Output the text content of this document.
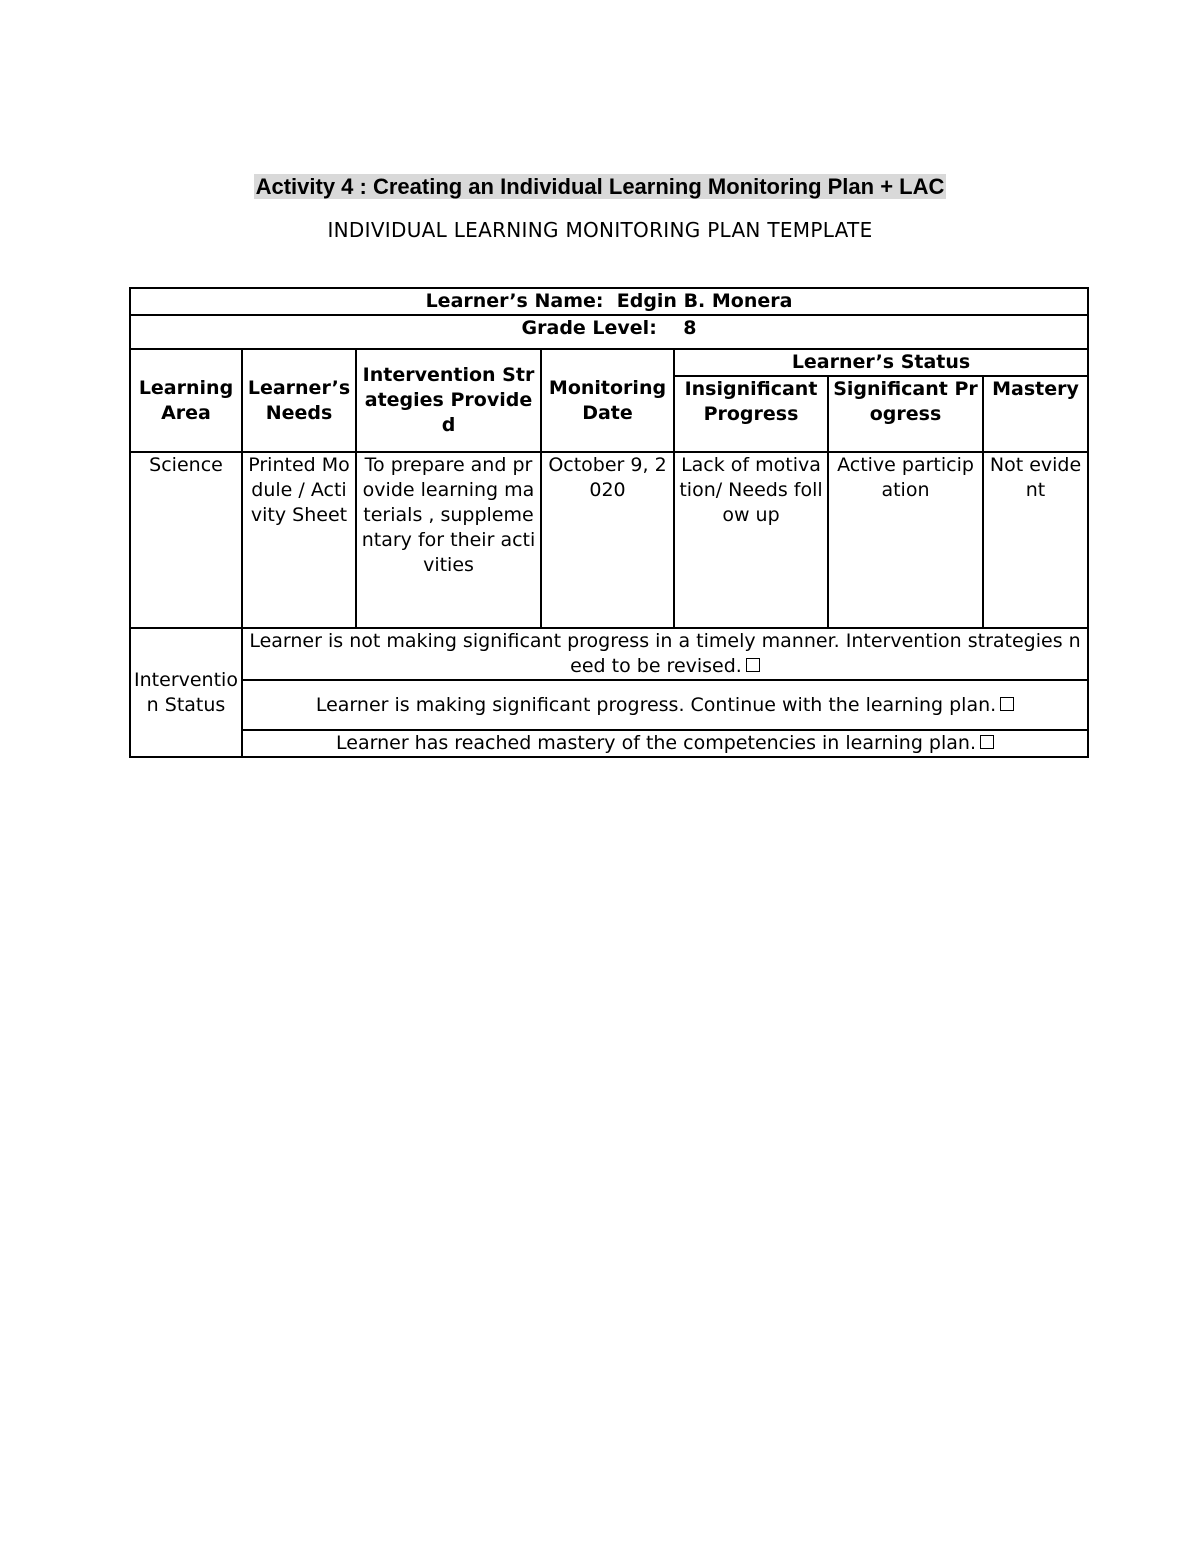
Activity 4 : Creating an Individual Learning Monitoring Plan + LAC
INDIVIDUAL LEARNING MONITORING PLAN TEMPLATE
Learner’s Name: Edgin B. Monera						
Grade Level: 8						
Learning Area	Learner’s Needs	Intervention Strategies Provided	Monitoring Date	Learner’s Status		
				Insignificant Progress	Significant Progress	Mastery
Science	Printed Module / Activity Sheet	To prepare and provide learning materials , supplementary for their activities	October 9, 2020	Lack of motivation/ Needs follow up	Active participation	Not evident
Intervention Status	Learner is not making significant progress in a timely manner. Intervention strategies need to be revised.					
	Learner is making significant progress. Continue with the learning plan.					
	Learner has reached mastery of the competencies in learning plan.					
